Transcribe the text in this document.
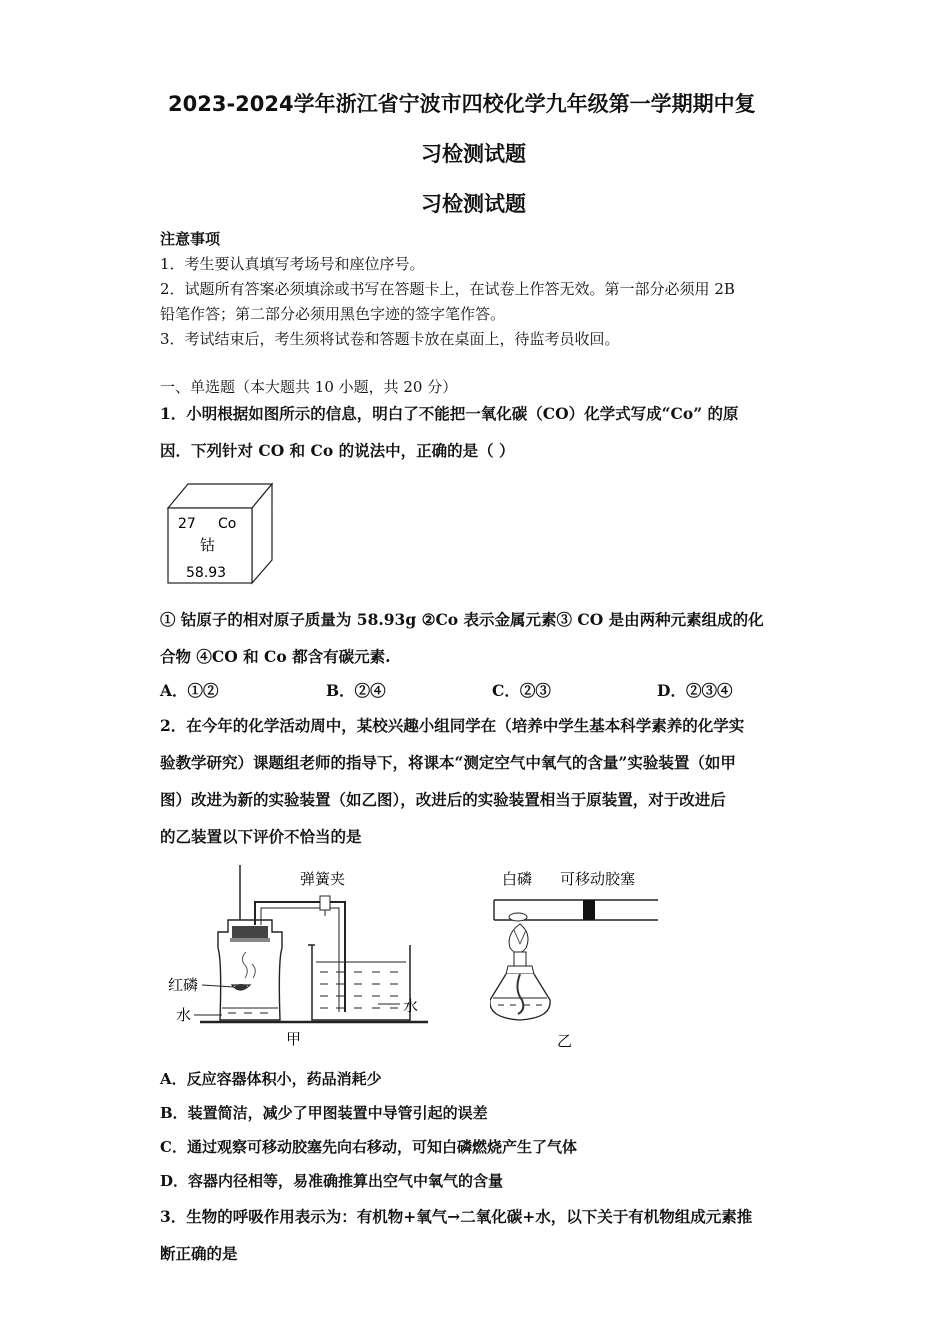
2023-2024学年浙江省宁波市四校化学九年级第一学期期中复
习检测试题
习检测试题
注意事项
1．考生要认真填写考场号和座位序号。
2．试题所有答案必须填涂或书写在答题卡上，在试卷上作答无效。第一部分必须用 2B
铅笔作答；第二部分必须用黑色字迹的签字笔作答。
3．考试结束后，考生须将试卷和答题卡放在桌面上，待监考员收回。
一、单选题（本大题共 10 小题，共 20 分）
1．小明根据如图所示的信息，明白了不能把一氧化碳（CO）化学式写成“Co” 的原
因．下列针对 CO 和 Co 的说法中，正确的是（ ）
27 Co
钴
58.93
① 钴原子的相对原子质量为 58.93g ②Co 表示金属元素③ CO 是由两种元素组成的化
合物 ④CO 和 Co 都含有碳元素.
A．①②	B．②④	C．②③	D．②③④
2．在今年的化学活动周中，某校兴趣小组同学在（培养中学生基本科学素养的化学实
验教学研究）课题组老师的指导下，将课本“测定空气中氧气的含量”实验装置（如甲
图）改进为新的实验装置（如乙图），改进后的实验装置相当于原装置，对于改进后
的乙装置以下评价不恰当的是
弹簧夹
红磷
水	水
甲
白磷 可移动胶塞
乙
A．反应容器体积小，药品消耗少
B．装置简洁，减少了甲图装置中导管引起的误差
C．通过观察可移动胶塞先向右移动，可知白磷燃烧产生了气体
D．容器内径相等，易准确推算出空气中氧气的含量
3．生物的呼吸作用表示为：有机物+氧气→二氧化碳+水，以下关于有机物组成元素推
断正确的是
